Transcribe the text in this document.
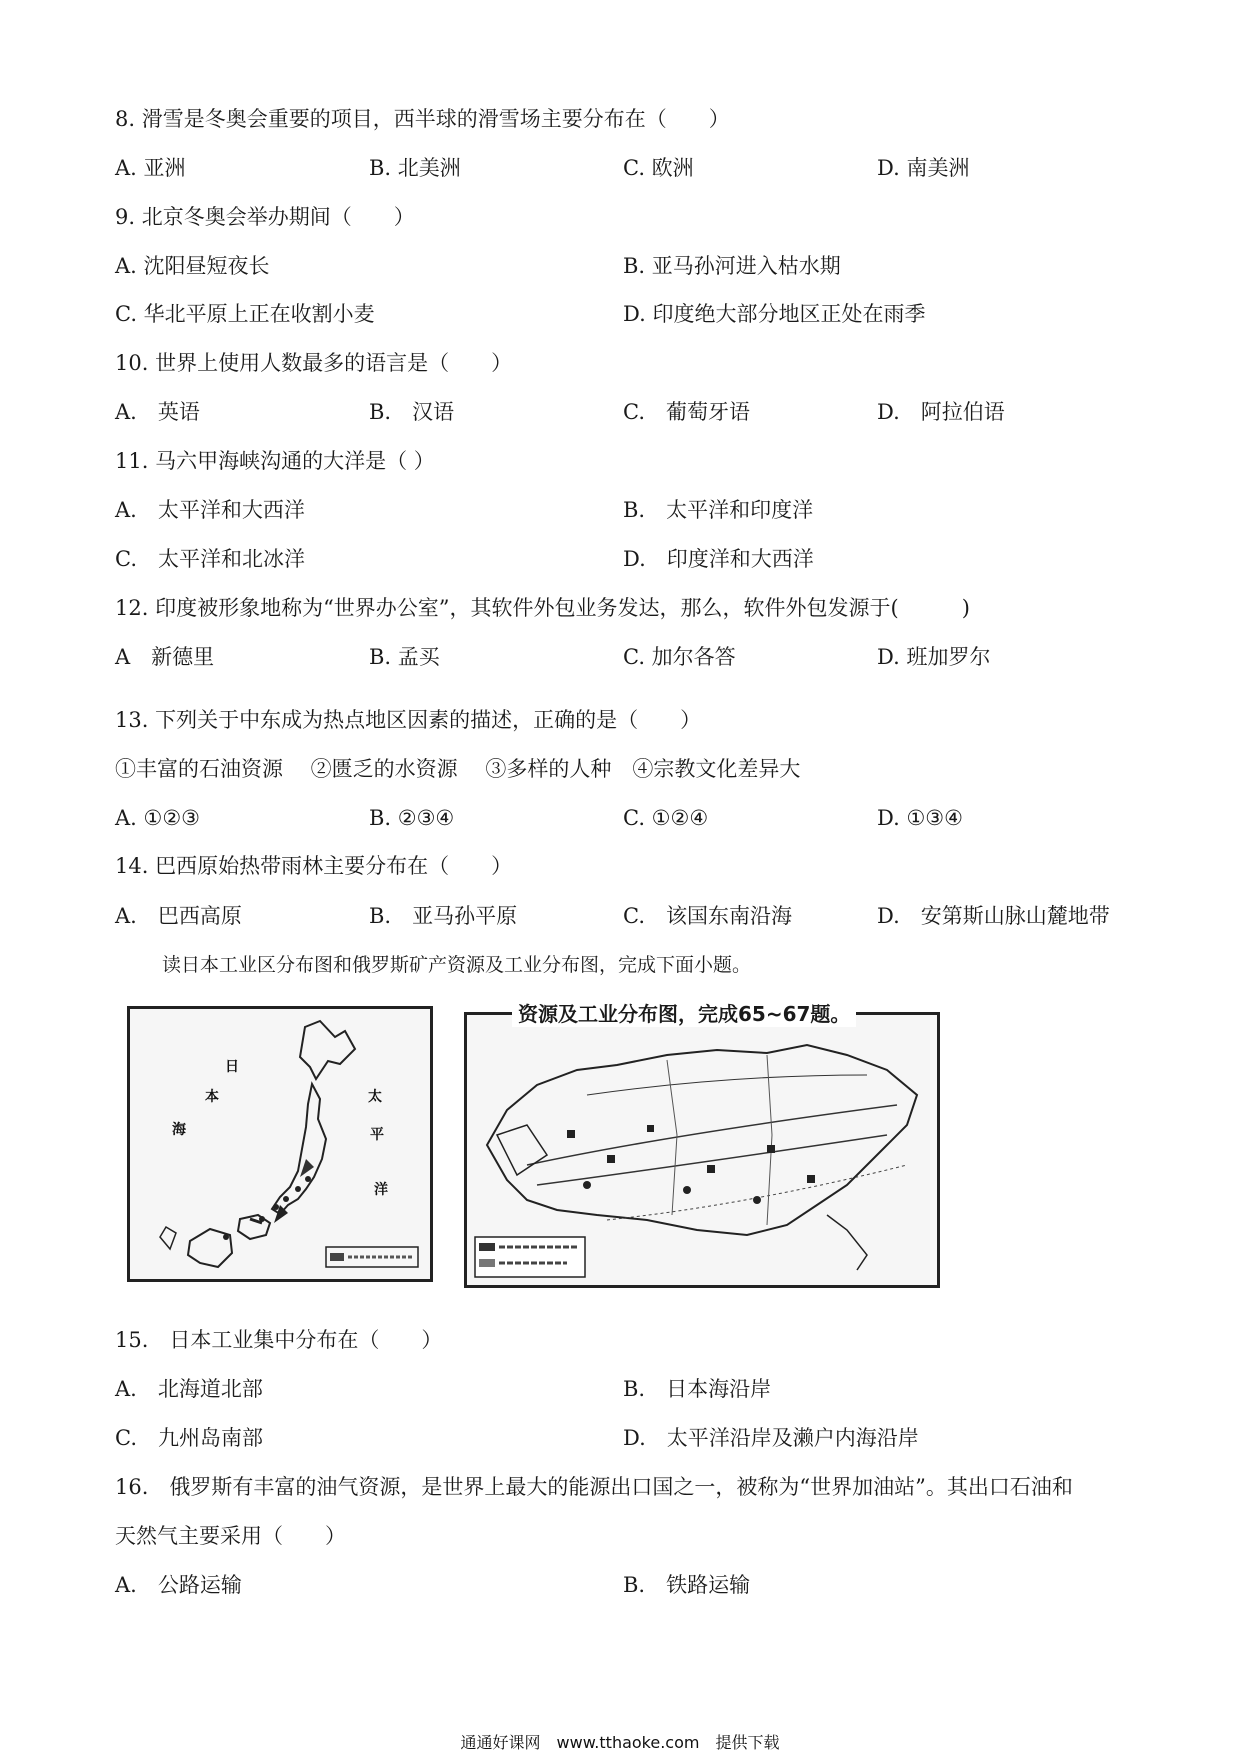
8. 滑雪是冬奥会重要的项目，西半球的滑雪场主要分布在（　　）
A. 亚洲	B. 北美洲	C. 欧洲	D. 南美洲
9. 北京冬奥会举办期间（　　）
A. 沈阳昼短夜长	B. 亚马孙河进入枯水期
C. 华北平原上正在收割小麦	D. 印度绝大部分地区正处在雨季
10. 世界上使用人数最多的语言是（　　）
A.　英语	B.　汉语	C.　葡萄牙语	D.　阿拉伯语
11. 马六甲海峡沟通的大洋是（ ）
A.　太平洋和大西洋	B.　太平洋和印度洋
C.　太平洋和北冰洋	D.　印度洋和大西洋
12. 印度被形象地称为“世界办公室”，其软件外包业务发达，那么，软件外包发源于(　　　)
A　新德里	B. 孟买	C. 加尔各答	D. 班加罗尔
13. 下列关于中东成为热点地区因素的描述，正确的是（　　）
①丰富的石油资源　 ②匮乏的水资源　 ③多样的人种　④宗教文化差异大
A. ①②③	B. ②③④	C. ①②④	D. ①③④
14. 巴西原始热带雨林主要分布在（　　）
A.　巴西高原	B.　亚马孙平原	C.　该国东南沿海	D.　安第斯山脉山麓地带
读日本工业区分布图和俄罗斯矿产资源及工业分布图，完成下面小题。
日
本
海
太
平
洋
资源及工业分布图，完成65~67题。
15.　日本工业集中分布在（　　）
A.　北海道北部	B.　日本海沿岸
C.　九州岛南部	D.　太平洋沿岸及濑户内海沿岸
16.　俄罗斯有丰富的油气资源，是世界上最大的能源出口国之一，被称为“世界加油站”。其出口石油和
天然气主要采用（　　）
A.　公路运输	B.　铁路运输
通通好课网　www.tthaoke.com　提供下载
